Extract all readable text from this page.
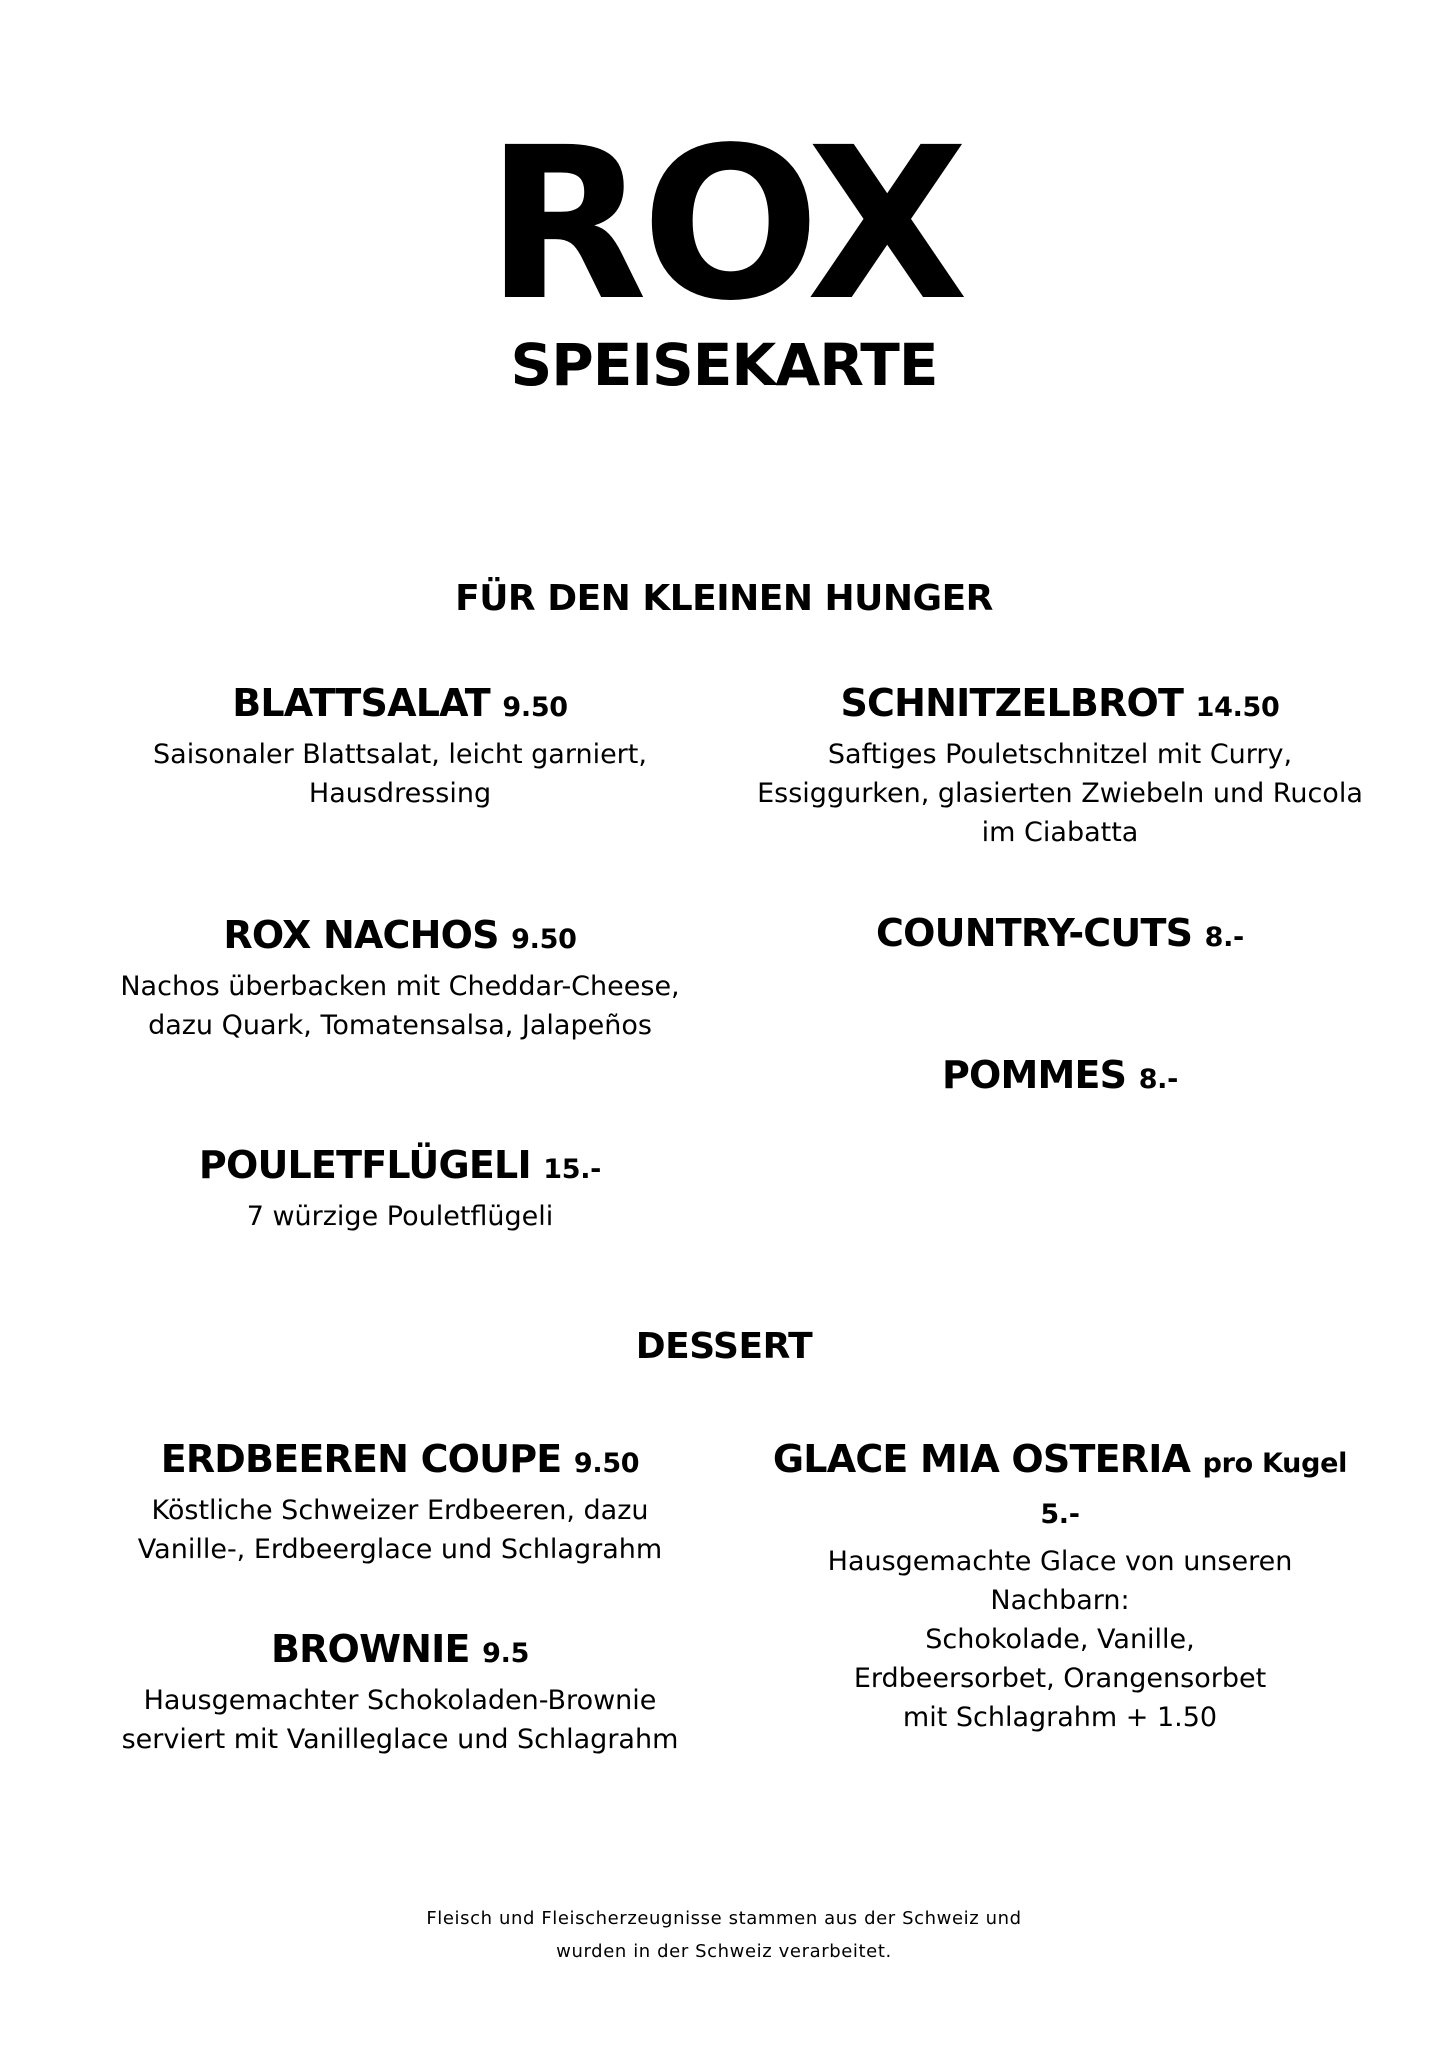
ROX
SPEISEKARTE
FÜR DEN KLEINEN HUNGER
BLATTSALAT 9.50
Saisonaler Blattsalat, leicht garniert,
Hausdressing
SCHNITZELBROT 14.50
Saftiges Pouletschnitzel mit Curry,
Essiggurken, glasierten Zwiebeln und Rucola
im Ciabatta
ROX NACHOS 9.50
Nachos überbacken mit Cheddar-Cheese,
dazu Quark, Tomatensalsa, Jalapeños
COUNTRY-CUTS 8.-
POMMES 8.-
POULETFLÜGELI 15.-
7 würzige Pouletflügeli
DESSERT
ERDBEEREN COUPE 9.50
Köstliche Schweizer Erdbeeren, dazu
Vanille-, Erdbeerglace und Schlagrahm
GLACE MIA OSTERIA pro Kugel
5.-
Hausgemachte Glace von unseren
Nachbarn:
Schokolade, Vanille,
Erdbeersorbet, Orangensorbet
mit Schlagrahm + 1.50
BROWNIE 9.5
Hausgemachter Schokoladen-Brownie
serviert mit Vanilleglace und Schlagrahm
Fleisch und Fleischerzeugnisse stammen aus der Schweiz und
wurden in der Schweiz verarbeitet.
